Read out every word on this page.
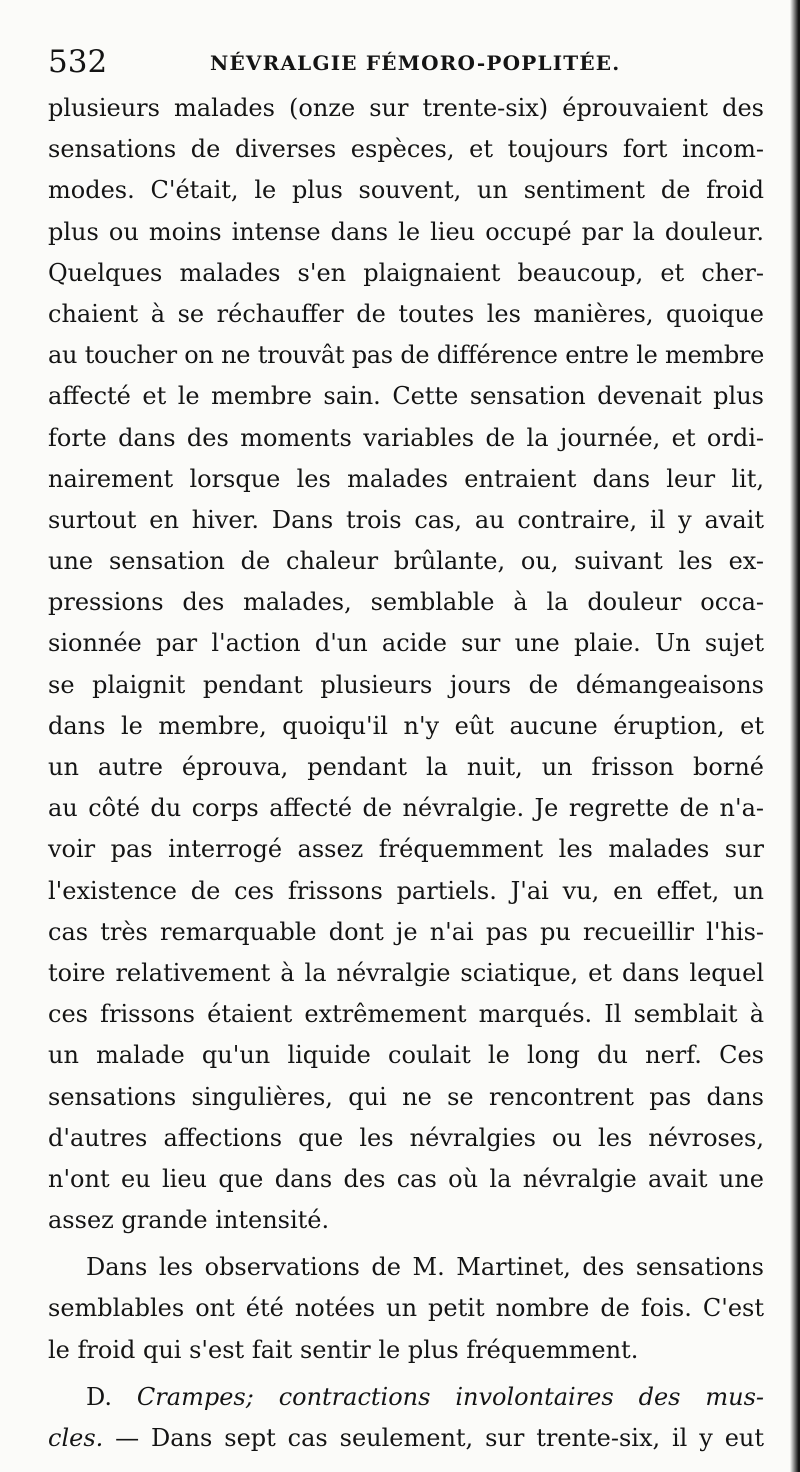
532	NÉVRALGIE FÉMORO-POPLITÉE.
plusieurs malades (onze sur trente-six) éprouvaient des
sensations de diverses espèces, et toujours fort incom-
modes. C'était, le plus souvent, un sentiment de froid
plus ou moins intense dans le lieu occupé par la douleur.
Quelques malades s'en plaignaient beaucoup, et cher-
chaient à se réchauffer de toutes les manières, quoique
au toucher on ne trouvât pas de différence entre le membre
affecté et le membre sain. Cette sensation devenait plus
forte dans des moments variables de la journée, et ordi-
nairement lorsque les malades entraient dans leur lit,
surtout en hiver. Dans trois cas, au contraire, il y avait
une sensation de chaleur brûlante, ou, suivant les ex-
pressions des malades, semblable à la douleur occa-
sionnée par l'action d'un acide sur une plaie. Un sujet
se plaignit pendant plusieurs jours de démangeaisons
dans le membre, quoiqu'il n'y eût aucune éruption, et
un autre éprouva, pendant la nuit, un frisson borné
au côté du corps affecté de névralgie. Je regrette de n'a-
voir pas interrogé assez fréquemment les malades sur
l'existence de ces frissons partiels. J'ai vu, en effet, un
cas très remarquable dont je n'ai pas pu recueillir l'his-
toire relativement à la névralgie sciatique, et dans lequel
ces frissons étaient extrêmement marqués. Il semblait à
un malade qu'un liquide coulait le long du nerf. Ces
sensations singulières, qui ne se rencontrent pas dans
d'autres affections que les névralgies ou les névroses,
n'ont eu lieu que dans des cas où la névralgie avait une
assez grande intensité.
Dans les observations de M. Martinet, des sensations
semblables ont été notées un petit nombre de fois. C'est
le froid qui s'est fait sentir le plus fréquemment.
D. Crampes; contractions involontaires des mus-
cles. — Dans sept cas seulement, sur trente-six, il y eut
